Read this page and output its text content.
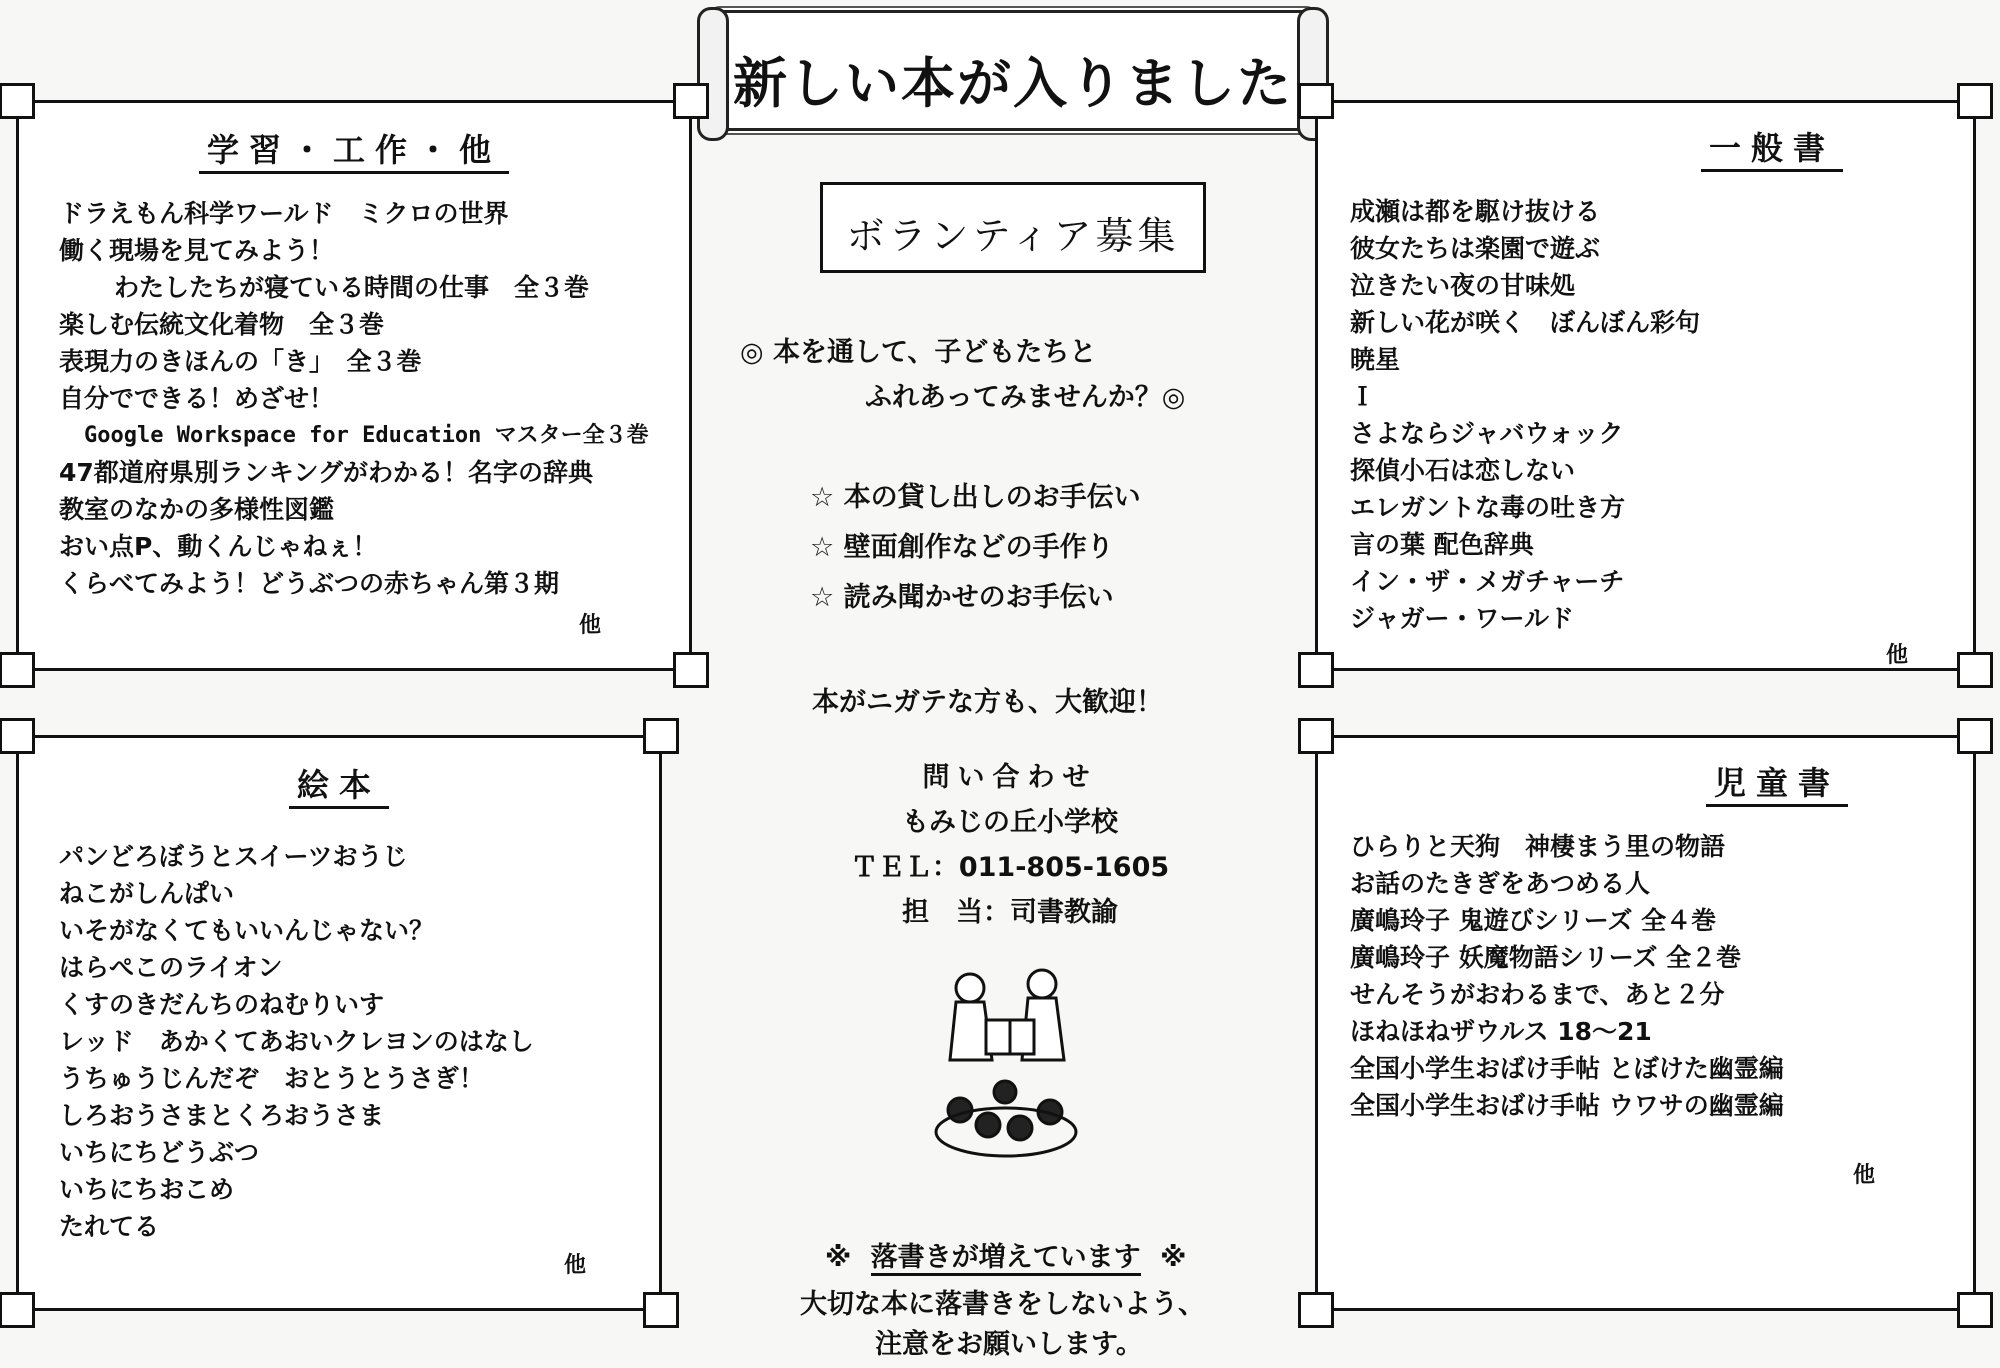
新しい本が入りました
学習・工作・他
ドラえもん科学ワールド　ミクロの世界
働く現場を見てみよう！
わたしたちが寝ている時間の仕事　全３巻
楽しむ伝統文化着物　全３巻
表現力のきほんの「き」　全３巻
自分でできる！めざせ！
Google Workspace for Education マスター全３巻
47都道府県別ランキングがわかる！名字の辞典
教室のなかの多様性図鑑
おい点P、動くんじゃねぇ！
くらべてみよう！どうぶつの赤ちゃん第３期
他
絵本
パンどろぼうとスイーツおうじ
ねこがしんぱい
いそがなくてもいいんじゃない？
はらぺこのライオン
くすのきだんちのねむりいす
レッド　あかくてあおいクレヨンのはなし
うちゅうじんだぞ　おとうとうさぎ！
しろおうさまとくろおうさま
いちにちどうぶつ
いちにちおこめ
たれてる
他
一般書
成瀬は都を駆け抜ける
彼女たちは楽園で遊ぶ
泣きたい夜の甘味処
新しい花が咲く　ぼんぼん彩句
暁星
Ｉ
さよならジャバウォック
探偵小石は恋しない
エレガントな毒の吐き方
言の葉 配色辞典
イン・ザ・メガチャーチ
ジャガー・ワールド
他
児童書
ひらりと天狗　神棲まう里の物語
お話のたきぎをあつめる人
廣嶋玲子 鬼遊びシリーズ 全４巻
廣嶋玲子 妖魔物語シリーズ 全２巻
せんそうがおわるまで、あと２分
ほねほねザウルス 18～21
全国小学生おばけ手帖 とぼけた幽霊編
全国小学生おばけ手帖 ウワサの幽霊編
他
ボランティア募集
◎ 本を通して、子どもたちと
ふれあってみませんか？◎
☆ 本の貸し出しのお手伝い
☆ 壁面創作などの手作り
☆ 読み聞かせのお手伝い
本がニガテな方も、大歓迎！
問い合わせ
もみじの丘小学校
ＴＥＬ：011-805-1605
担　当：司書教諭
※ 落書きが増えています ※
大切な本に落書きをしないよう、
注意をお願いします。
